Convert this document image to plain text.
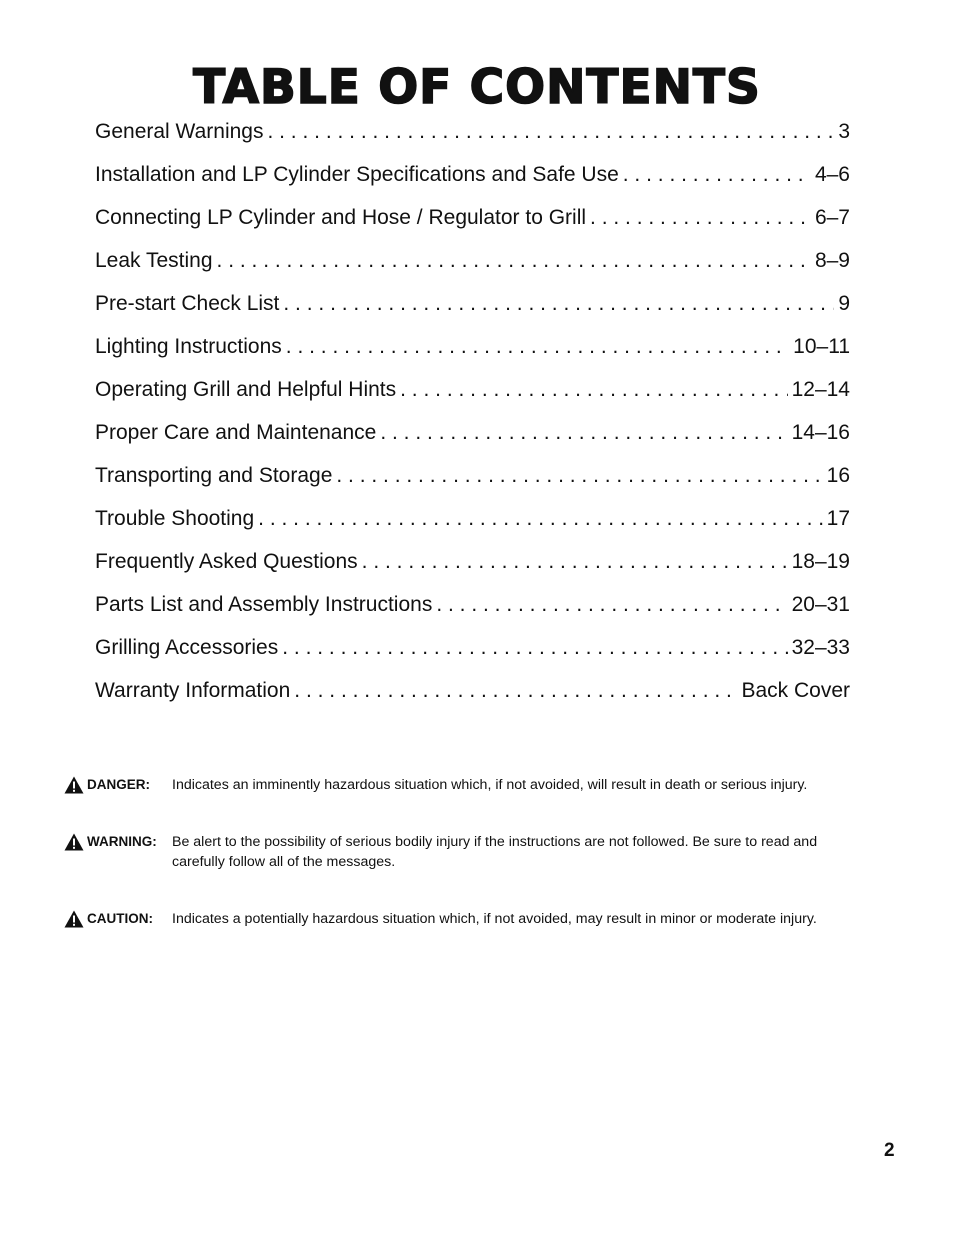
TABLE OF CONTENTS
General Warnings . . .	3
Installation and LP Cylinder Specifications and Safe Use . . .	4–6
Connecting LP Cylinder and Hose / Regulator to Grill . . .	6–7
Leak Testing . . .	8–9
Pre-start Check List . . .	9
Lighting Instructions . . .	10–11
Operating Grill and Helpful Hints . . .	12–14
Proper Care and Maintenance . . .	14–16
Transporting and Storage . . .	16
Trouble Shooting . . .	17
Frequently Asked Questions . . .	18–19
Parts List and Assembly Instructions . . .	20–31
Grilling Accessories . . .	32–33
Warranty Information . . .	Back Cover
DANGER: Indicates an imminently hazardous situation which, if not avoided, will result in death or serious injury.
WARNING: Be alert to the possibility of serious bodily injury if the instructions are not followed. Be sure to read and carefully follow all of the messages.
CAUTION: Indicates a potentially hazardous situation which, if not avoided, may result in minor or moderate injury.
2
